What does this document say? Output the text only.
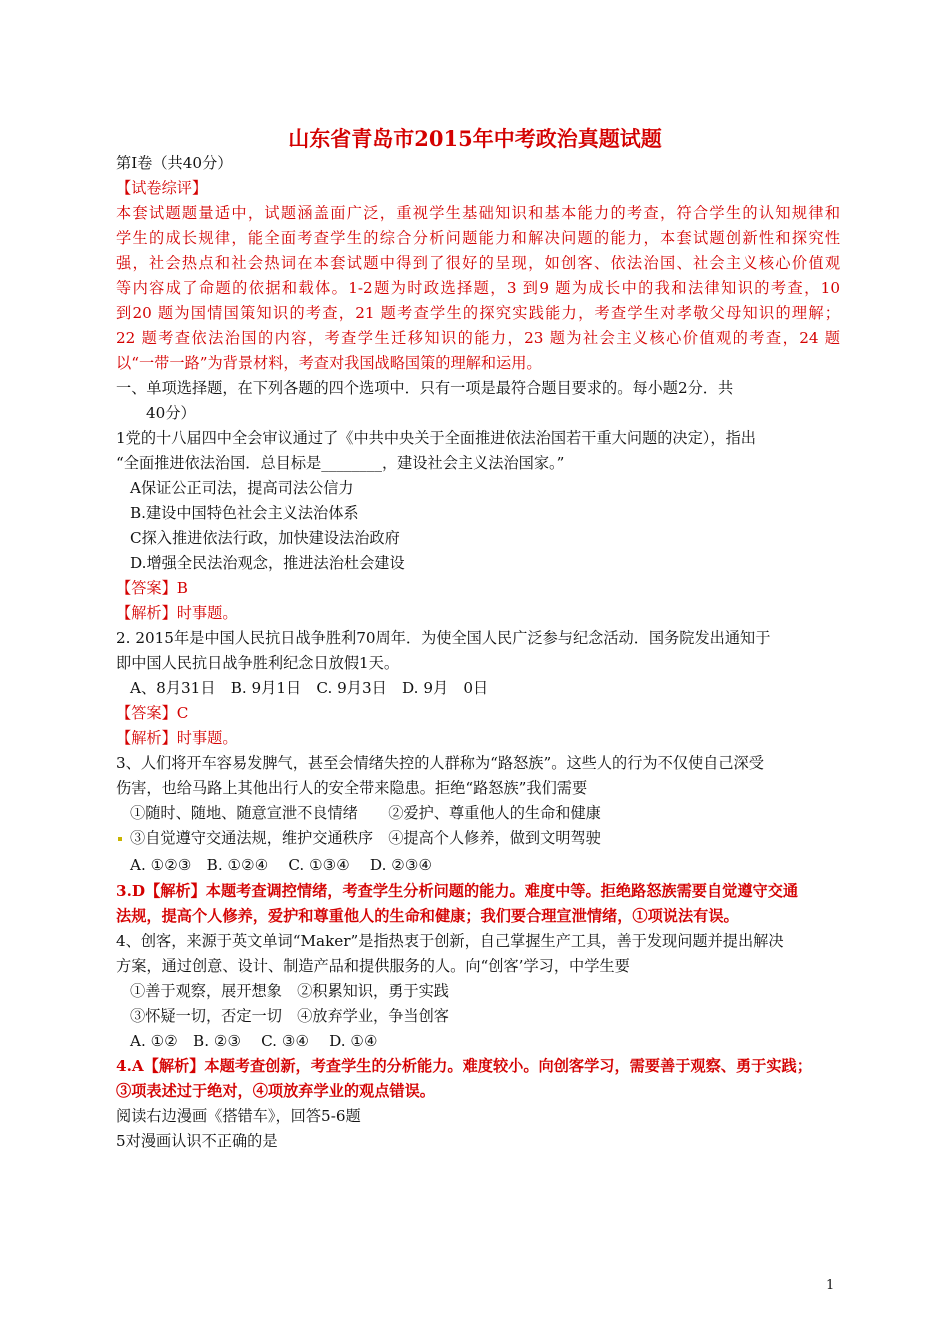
山东省青岛市2015年中考政治真题试题
第Ⅰ卷（共40分）
【试卷综评】
本套试题题量适中，试题涵盖面广泛，重视学生基础知识和基本能力的考查，符合学生的认知规律和
学生的成长规律，能全面考查学生的综合分析问题能力和解决问题的能力，本套试题创新性和探究性
强，社会热点和社会热词在本套试题中得到了很好的呈现，如创客、依法治国、社会主义核心价值观
等内容成了命题的依据和载体。1-2题为时政选择题，3 到9 题为成长中的我和法律知识的考查，10
到20 题为国情国策知识的考查，21 题考查学生的探究实践能力，考查学生对孝敬父母知识的理解；
22 题考查依法治国的内容，考查学生迁移知识的能力，23 题为社会主义核心价值观的考查，24 题
以“一带一路”为背景材料，考查对我国战略国策的理解和运用。
一、单项选择题，在下列各题的四个选项中．只有一项是最符合题目要求的。每小题2分．共
40分）
1党的十八届四中全会审议通过了《中共中央关于全面推进依法治国若干重大问题的决定），指出
“全面推进依法治国．总目标是________，建设社会主义法治国家。”
A保证公正司法，提高司法公信力
B.建设中国特色社会主义法治体系
C探入推进依法行政，加快建设法治政府
D.增强全民法治观念，推进法治杜会建设
【答案】B
【解析】时事题。
2. 2015年是中国人民抗日战争胜利70周年．为使全国人民广泛参与纪念活动．国务院发出通知于
即中国人民抗日战争胜利纪念日放假1天。
A、8月31日　B. 9月1日　C. 9月3日　D. 9月　0日
【答案】C
【解析】时事题。
3、人们将开车容易发脾气，甚至会情绪失控的人群称为“路怒族”。这些人的行为不仅使自己深受
伤害，也给马路上其他出行人的安全带来隐患。拒绝“路怒族”我们需要
①随时、随地、随意宣泄不良情绪　　②爱护、尊重他人的生命和健康
③自觉遵守交通法规，维护交通秩序　④提高个人修养，做到文明驾驶
A. ①②③　B. ①②④　 C. ①③④　 D. ②③④
3.D【解析】本题考查调控情绪，考查学生分析问题的能力。难度中等。拒绝路怒族需要自觉遵守交通
法规，提高个人修养，爱护和尊重他人的生命和健康；我们要合理宣泄情绪，①项说法有误。
4、创客，来源于英文单词“Maker”是指热衷于创新，自己掌握生产工具，善于发现问题并提出解决
方案，通过创意、设计、制造产品和提供服务的人。向“创客’学习，中学生要
①善于观察，展开想象　②积累知识，勇于实践
③怀疑一切，否定一切　④放弃学业，争当创客
A. ①②　B. ②③　 C. ③④　 D. ①④
4.A【解析】本题考查创新，考查学生的分析能力。难度较小。向创客学习，需要善于观察、勇于实践；
③项表述过于绝对，④项放弃学业的观点错误。
阅读右边漫画《搭错车》，回答5-6题
5对漫画认识不正确的是
1
